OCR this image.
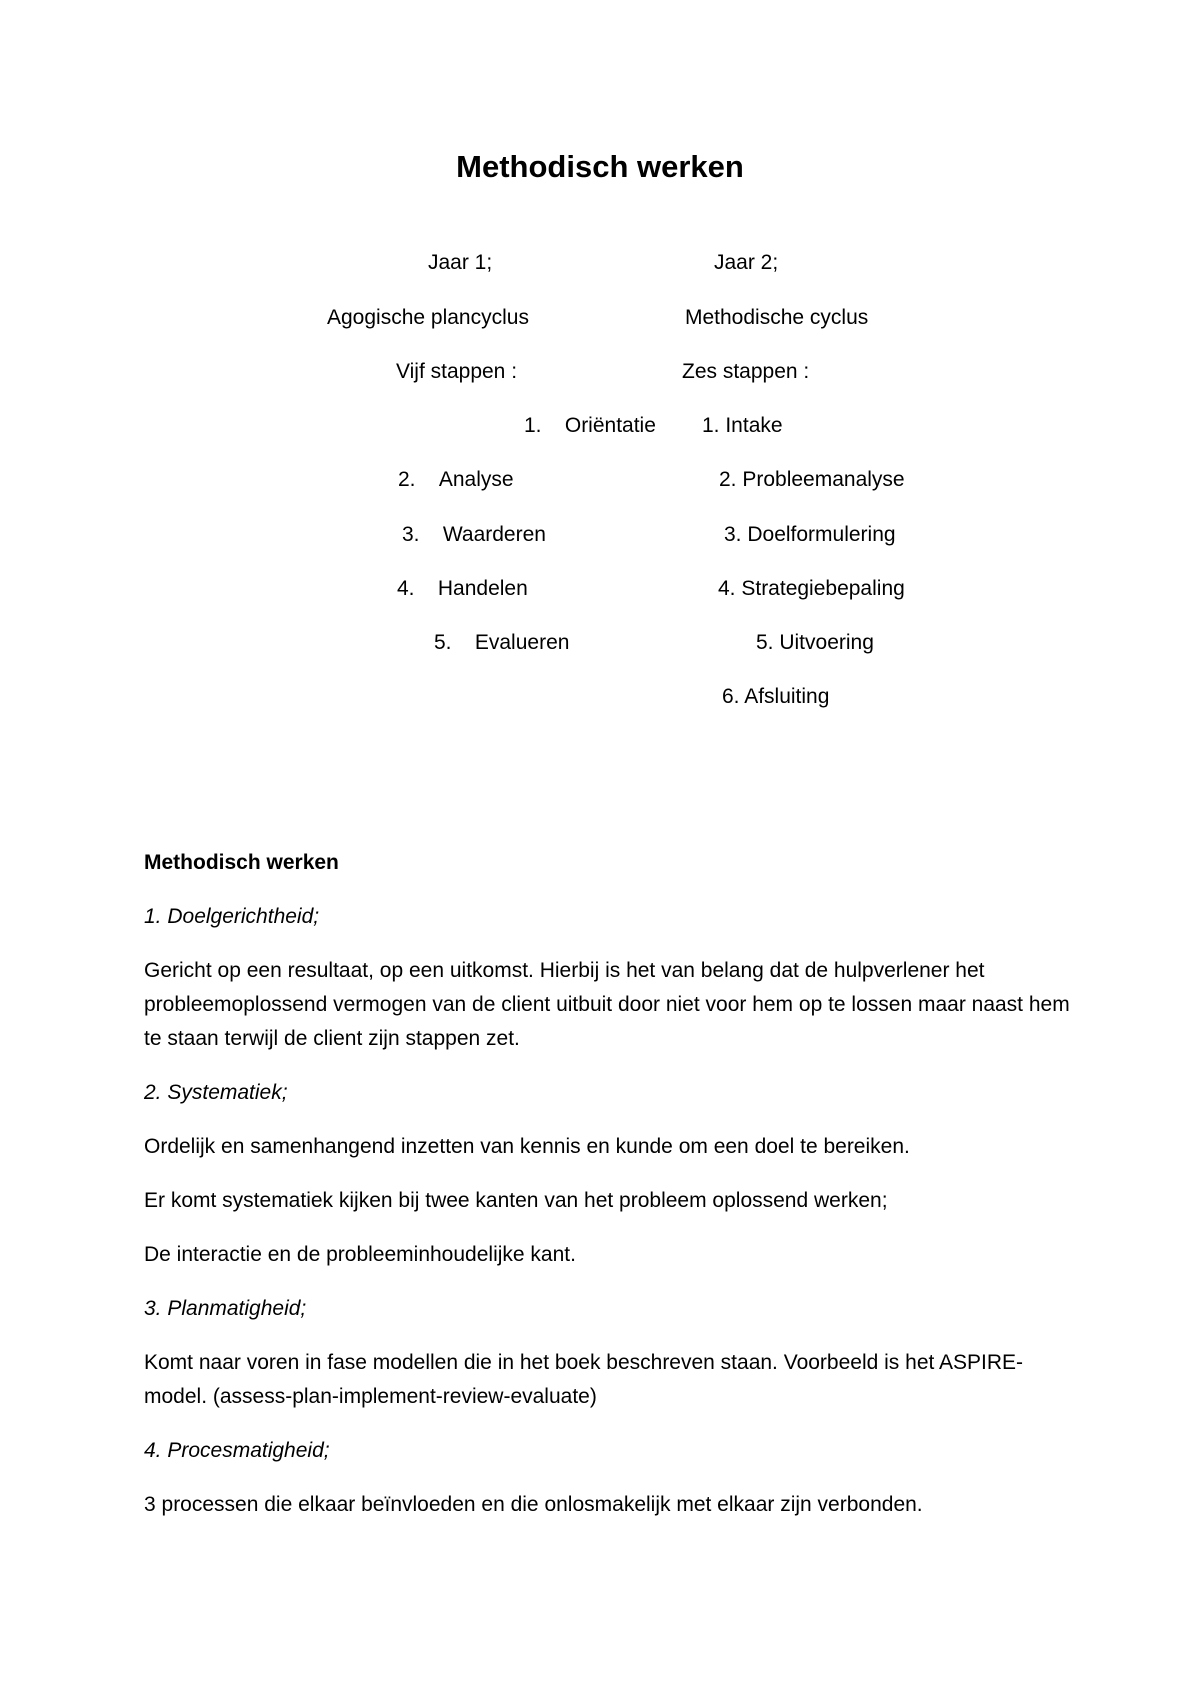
Methodisch werken
Jaar 1;
Agogische plancyclus
Vijf stappen :
1. Oriëntatie
2. Analyse
3. Waarderen
4. Handelen
5. Evalueren
Jaar 2;
Methodische cyclus
Zes stappen :
1. Intake
2. Probleemanalyse
3. Doelformulering
4. Strategiebepaling
5. Uitvoering
6. Afsluiting

Methodisch werken

1. Doelgerichtheid;

Gericht op een resultaat, op een uitkomst. Hierbij is het van belang dat de hulpverlener het probleemoplossend vermogen van de client uitbuit door niet voor hem op te lossen maar naast hem te staan terwijl de client zijn stappen zet.

2. Systematiek;

Ordelijk en samenhangend inzetten van kennis en kunde om een doel te bereiken.

Er komt systematiek kijken bij twee kanten van het probleem oplossend werken;

De interactie en de probleeminhoudelijke kant.

3. Planmatigheid;

Komt naar voren in fase modellen die in het boek beschreven staan. Voorbeeld is het ASPIRE-model. (assess-plan-implement-review-evaluate)

4. Procesmatigheid;

3 processen die elkaar beïnvloeden en die onlosmakelijk met elkaar zijn verbonden.
